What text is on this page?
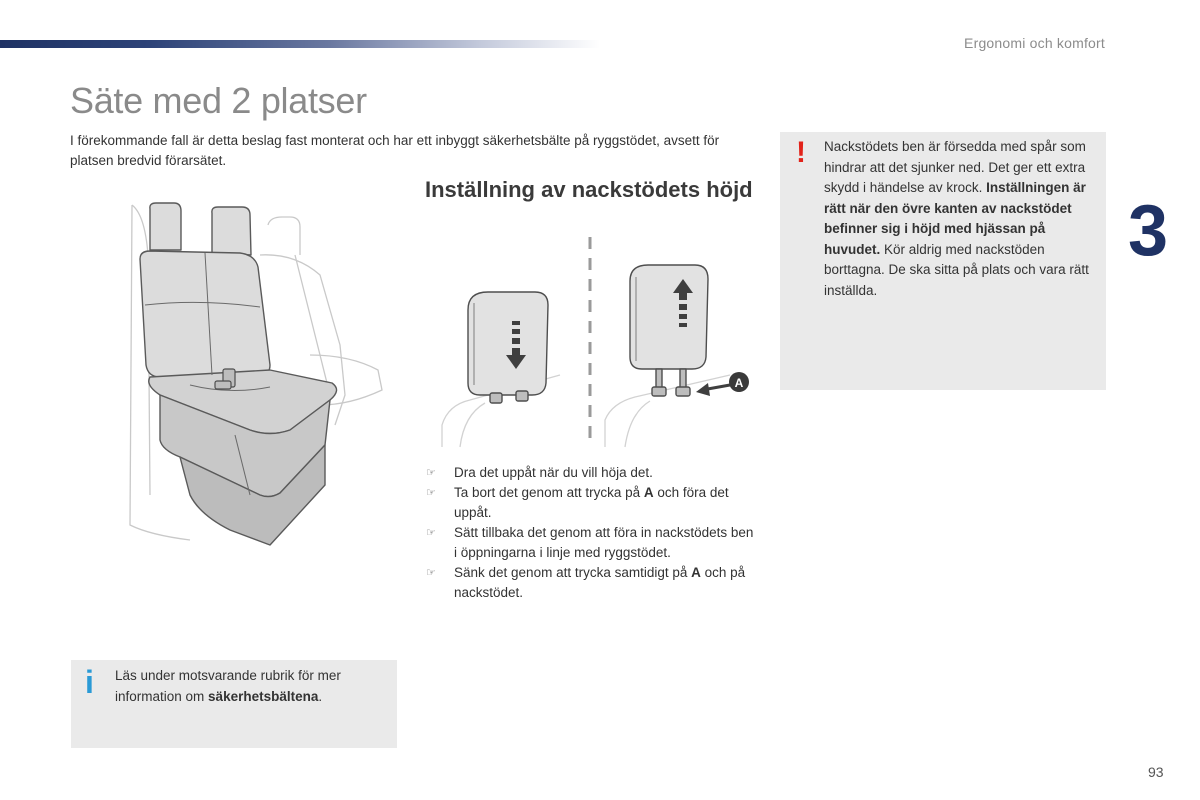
Ergonomi och komfort
Säte med 2 platser
I förekommande fall är detta beslag fast monterat och har ett inbyggt säkerhetsbälte på ryggstödet, avsett för platsen bredvid förarsätet.
A
Inställning av nackstödets höjd
☞ Dra det uppåt när du vill höja det.
☞ Ta bort det genom att trycka på A och föra det uppåt.
☞ Sätt tillbaka det genom att föra in nackstödets ben i öppningarna i linje med ryggstödet.
☞ Sänk det genom att trycka samtidigt på A och på nackstödet.
! Nackstödets ben är försedda med spår som hindrar att det sjunker ned. Det ger ett extra skydd i händelse av krock. Inställningen är rätt när den övre kanten av nackstödet befinner sig i höjd med hjässan på huvudet. Kör aldrig med nackstöden borttagna. De ska sitta på plats och vara rätt inställda.
3
i Läs under motsvarande rubrik för mer information om säkerhetsbältena.
93
